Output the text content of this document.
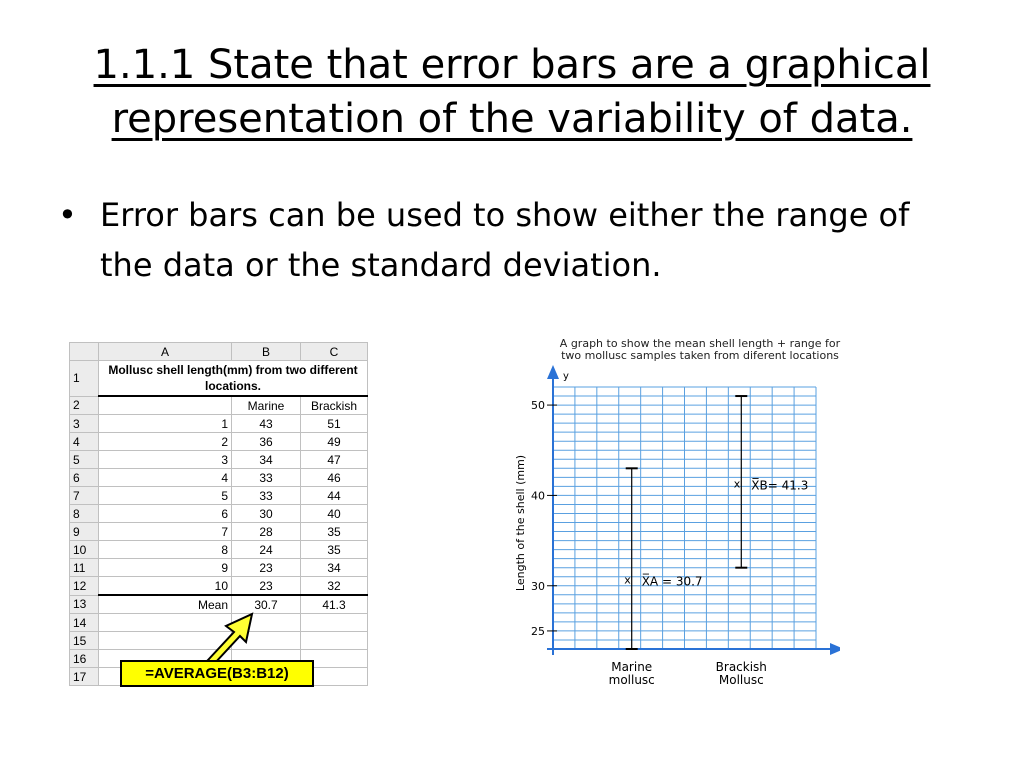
1.1.1 State that error bars are a graphical representation of the variability of data.
• Error bars can be used to show either the range of the data or the standard deviation.
	A	B	C
1	Mollusc shell length(mm) from two different locations.		
2		Marine	Brackish
3	1	43	51
4	2	36	49
5	3	34	47
6	4	33	46
7	5	33	44
8	6	30	40
9	7	28	35
10	8	24	35
11	9	23	34
12	10	23	32
13	Mean	30.7	41.3
14			
15			
16			
17				=AVERAGE(B3:B12)
A graph to show the mean shell length + range for two mollusc samples taken from diferent locations
y
25
30
40
50
Length of the shell (mm)	x X̅A = 30.7
Marine
mollusc
x X̅B= 41.3
Brackish
Mollusc
